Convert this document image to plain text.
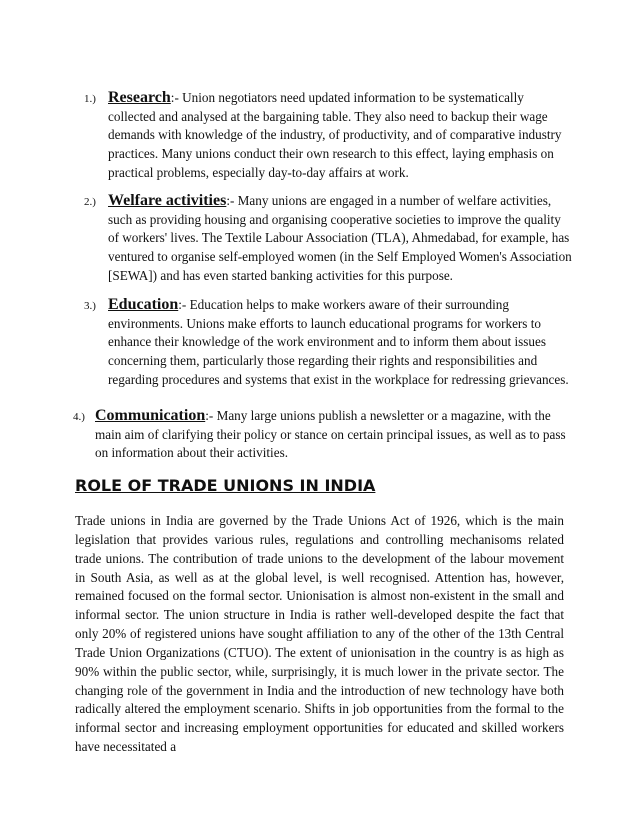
1.) Research:- Union negotiators need updated information to be systematically collected and analysed at the bargaining table. They also need to backup their wage demands with knowledge of the industry, of productivity, and of comparative industry practices. Many unions conduct their own research to this effect, laying emphasis on practical problems, especially day-to-day affairs at work.
2.) Welfare activities:- Many unions are engaged in a number of welfare activities, such as providing housing and organising cooperative societies to improve the quality of workers' lives. The Textile Labour Association (TLA), Ahmedabad, for example, has ventured to organise self-employed women (in the Self Employed Women's Association [SEWA]) and has even started banking activities for this purpose.
3.) Education:- Education helps to make workers aware of their surrounding environments. Unions make efforts to launch educational programs for workers to enhance their knowledge of the work environment and to inform them about issues concerning them, particularly those regarding their rights and responsibilities and regarding procedures and systems that exist in the workplace for redressing grievances.
4.) Communication:- Many large unions publish a newsletter or a magazine, with the main aim of clarifying their policy or stance on certain principal issues, as well as to pass on information about their activities.
ROLE OF TRADE UNIONS IN INDIA

Trade unions in India are governed by the Trade Unions Act of 1926, which is the main legislation that provides various rules, regulations and controlling mechanisoms related trade unions. The contribution of trade unions to the development of the labour movement in South Asia, as well as at the global level, is well recognised. Attention has, however, remained focused on the formal sector. Unionisation is almost non-existent in the small and informal sector. The union structure in India is rather well-developed despite the fact that only 20% of registered unions have sought affiliation to any of the other of the 13th Central Trade Union Organizations (CTUO). The extent of unionisation in the country is as high as 90% within the public sector, while, surprisingly, it is much lower in the private sector. The changing role of the government in India and the introduction of new technology have both radically altered the employment scenario. Shifts in job opportunities from the formal to the informal sector and increasing employment opportunities for educated and skilled workers have necessitated a
